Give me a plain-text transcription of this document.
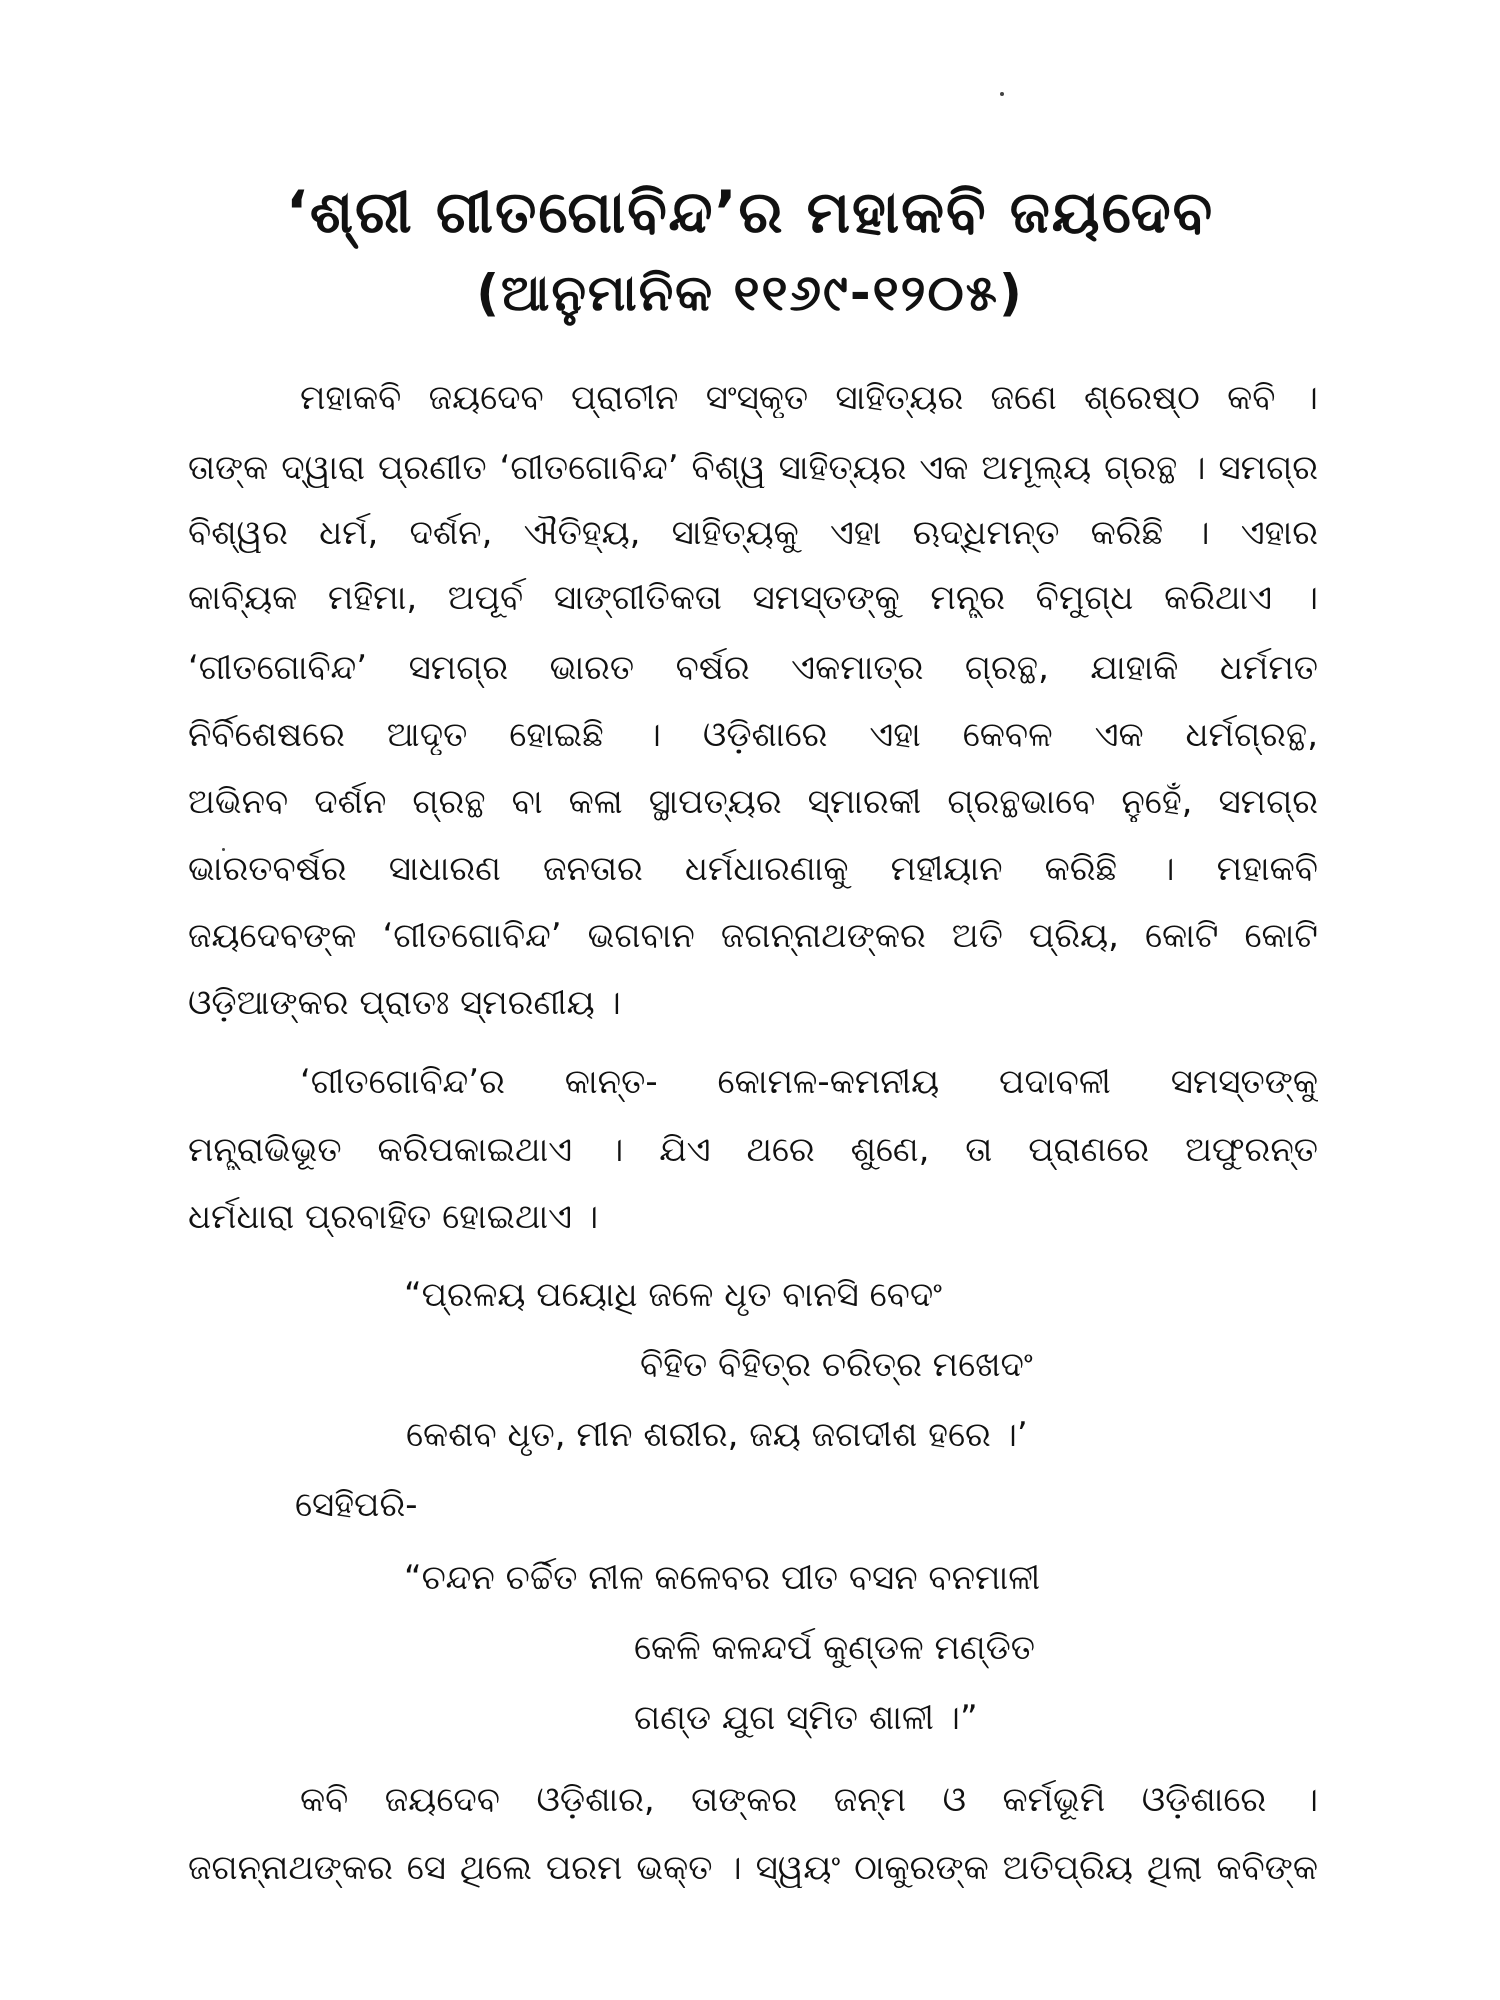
‘ଶ୍ରୀ ଗୀତଗୋବିନ୍ଦ’ର ମହାକବି ଜୟଦେବ
(ଆନୁମାନିକ ୧୧୬୯-୧୨୦୫)
ମହାକବି ଜୟଦେବ ପ୍ରାଚୀନ ସଂସ୍କୃତ ସାହିତ୍ୟର ଜଣେ ଶ୍ରେଷ୍ଠ କବି ।
ତାଙ୍କ ଦ୍ୱାରା ପ୍ରଣୀତ ‘ଗୀତଗୋବିନ୍ଦ’ ବିଶ୍ୱ ସାହିତ୍ୟର ଏକ ଅମୂଲ୍ୟ ଗ୍ରନ୍ଥ । ସମଗ୍ର
ବିଶ୍ୱର ଧର୍ମ, ଦର୍ଶନ, ଐତିହ୍ୟ, ସାହିତ୍ୟକୁ ଏହା ଋଦ୍ଧିମନ୍ତ କରିଛି । ଏହାର
କାବ୍ୟିକ ମହିମା, ଅପୂର୍ବ ସାଙ୍ଗୀତିକତା ସମସ୍ତଙ୍କୁ ମନ୍ତ୍ର ବିମୁଗ୍ଧ କରିଥାଏ ।
‘ଗୀତଗୋବିନ୍ଦ’ ସମଗ୍ର ଭାରତ ବର୍ଷର ଏକମାତ୍ର ଗ୍ରନ୍ଥ, ଯାହାକି ଧର୍ମମତ
ନିର୍ବିଶେଷରେ ଆଦୃତ ହୋଇଛି । ଓଡ଼ିଶାରେ ଏହା କେବଳ ଏକ ଧର୍ମଗ୍ରନ୍ଥ,
ଅଭିନବ ଦର୍ଶନ ଗ୍ରନ୍ଥ ବା କଳା ସ୍ଥାପତ୍ୟର ସ୍ମାରକୀ ଗ୍ରନ୍ଥଭାବେ ନୁହେଁ, ସମଗ୍ର
ଭାରତବର୍ଷର ସାଧାରଣ ଜନତାର ଧର୍ମଧାରଣାକୁ ମହୀୟାନ କରିଛି । ମହାକବି
ଜୟଦେବଙ୍କ ‘ଗୀତଗୋବିନ୍ଦ’ ଭଗବାନ ଜଗନ୍ନାଥଙ୍କର ଅତି ପ୍ରିୟ, କୋଟି କୋଟି
ଓଡ଼ିଆଙ୍କର ପ୍ରାତଃ ସ୍ମରଣୀୟ ।
‘ଗୀତଗୋବିନ୍ଦ’ର କାନ୍ତ- କୋମଳ-କମନୀୟ ପଦାବଳୀ ସମସ୍ତଙ୍କୁ
ମନ୍ତ୍ରାଭିଭୂତ କରିପକାଇଥାଏ । ଯିଏ ଥରେ ଶୁଣେ, ତା ପ୍ରାଣରେ ଅଫୁରନ୍ତ
ଧର୍ମଧାରା ପ୍ରବାହିତ ହୋଇଥାଏ ।
“ପ୍ରଳୟ ପୟୋଧି ଜଳେ ଧୃତ ବାନସି ବେଦଂ
ବିହିତ ବିହିତ୍ର ଚରିତ୍ର ମଖେଦଂ
କେଶବ ଧୃତ, ମୀନ ଶରୀର, ଜୟ ଜଗଦୀଶ ହରେ ।’
ସେହିପରି-
“ଚନ୍ଦନ ଚର୍ଚ୍ଚିତ ନୀଳ କଳେବର ପୀତ ବସନ ବନମାଳୀ
କେଳି କଳନ୍ଦର୍ପ କୁଣ୍ଡଳ ମଣ୍ଡିତ
ଗଣ୍ଡ ଯୁଗ ସ୍ମିତ ଶାଳୀ ।”
କବି ଜୟଦେବ ଓଡ଼ିଶାର, ତାଙ୍କର ଜନ୍ମ ଓ କର୍ମଭୂମି ଓଡ଼ିଶାରେ ।
ଜଗନ୍ନାଥଙ୍କର ସେ ଥିଲେ ପରମ ଭକ୍ତ । ସ୍ୱୟଂ ଠାକୁରଙ୍କ ଅତିପ୍ରିୟ ଥିଲା କବିଙ୍କ
